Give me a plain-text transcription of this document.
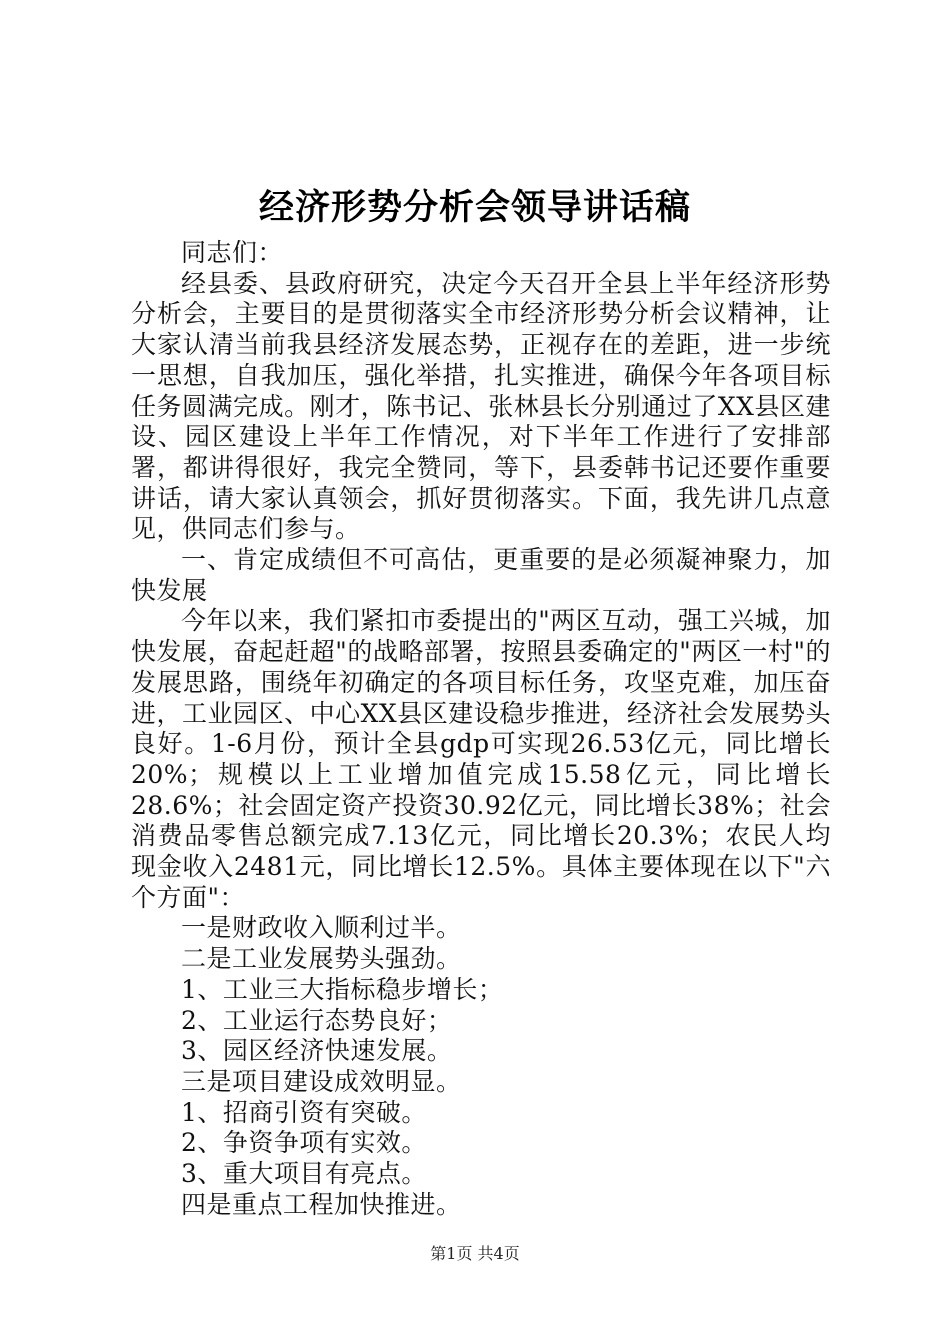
经济形势分析会领导讲话稿

同志们：

经县委、县政府研究，决定今天召开全县上半年经济形势分析会，主要目的是贯彻落实全市经济形势分析会议精神，让大家认清当前我县经济发展态势，正视存在的差距，进一步统一思想，自我加压，强化举措，扎实推进，确保今年各项目标任务圆满完成。刚才，陈书记、张林县长分别通过了XX县区建设、园区建设上半年工作情况，对下半年工作进行了安排部署，都讲得很好，我完全赞同，等下，县委韩书记还要作重要讲话，请大家认真领会，抓好贯彻落实。下面，我先讲几点意见，供同志们参与。

一、肯定成绩但不可高估，更重要的是必须凝神聚力，加快发展

今年以来，我们紧扣市委提出的"两区互动，强工兴城，加快发展，奋起赶超"的战略部署，按照县委确定的"两区一村"的发展思路，围绕年初确定的各项目标任务，攻坚克难，加压奋进，工业园区、中心XX县区建设稳步推进，经济社会发展势头良好。1-6月份，预计全县gdp可实现26.53亿元，同比增长20%；规模以上工业增加值完成15.58亿元，同比增长28.6%；社会固定资产投资30.92亿元，同比增长38%；社会消费品零售总额完成7.13亿元，同比增长20.3%；农民人均现金收入2481元，同比增长12.5%。具体主要体现在以下"六个方面"：

一是财政收入顺利过半。

二是工业发展势头强劲。

1、工业三大指标稳步增长；

2、工业运行态势良好；

3、园区经济快速发展。

三是项目建设成效明显。

1、招商引资有突破。

2、争资争项有实效。

3、重大项目有亮点。

四是重点工程加快推进。

第1页 共4页
